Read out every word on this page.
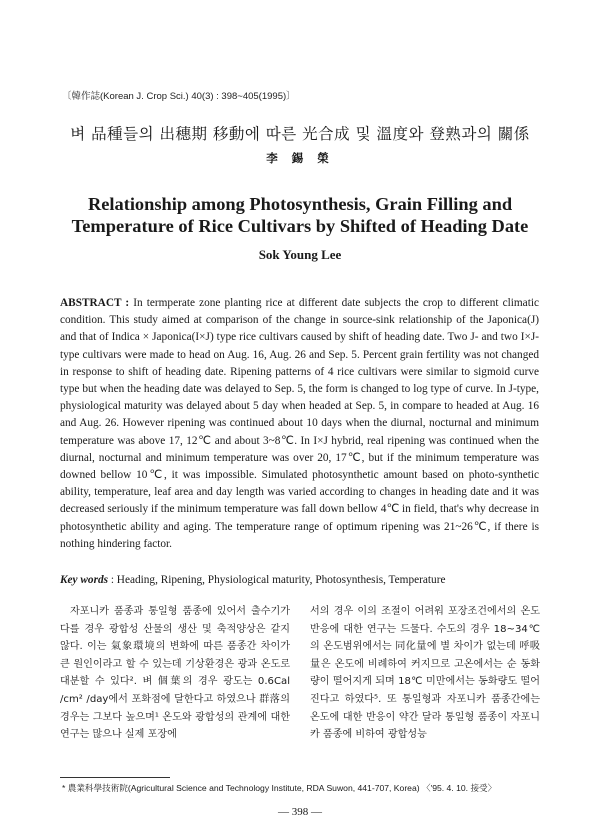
〔韓作誌(Korean J. Crop Sci.) 40(3) : 398~405(1995)〕
벼 品種들의 出穗期 移動에 따른 光合成 및 溫度와 登熟과의 關係
李 錫 榮
Relationship among Photosynthesis, Grain Filling and
Temperature of Rice Cultivars by Shifted of Heading Date
Sok Young Lee
ABSTRACT : In termperate zone planting rice at different date subjects the crop to different climatic condition. This study aimed at comparison of the change in source-sink relationship of the Japonica(J) and that of Indica × Japonica(I×J) type rice cultivars caused by shift of heading date. Two J- and two I×J-type cultivars were made to head on Aug. 16, Aug. 26 and Sep. 5. Percent grain fertility was not changed in response to shift of heading date. Ripening patterns of 4 rice cultivars were similar to sigmoid curve type but when the heading date was delayed to Sep. 5, the form is changed to log type of curve. In J-type, physiological maturity was delayed about 5 day when headed at Sep. 5, in compare to headed at Aug. 16 and Aug. 26. However ripening was continued about 10 days when the diurnal, nocturnal and minimum temperature was above 17, 12℃ and about 3~8℃. In I×J hybrid, real ripening was continued when the diurnal, nocturnal and minimum temperature was over 20, 17℃, but if the minimum temperature was downed bellow 10℃, it was impossible. Simulated photosynthetic amount based on photo-synthetic ability, temperature, leaf area and day length was varied according to changes in heading date and it was decreased seriously if the minimum temperature was fall down bellow 4℃ in field, that's why decrease in photosynthetic ability and aging. The temperature range of optimum ripening was 21~26℃, if there is nothing hindering factor.
Key words : Heading, Ripening, Physiological maturity, Photosynthesis, Temperature

자포니카 품종과 통일형 품종에 있어서 출수기가 다를 경우 광합성 산물의 생산 및 축적양상은 같지 않다. 이는 氣象環境의 변화에 따른 품종간 차이가 큰 원인이라고 할 수 있는데 기상환경은 광과 온도로 대분할 수 있다². 벼 個葉의 경우 광도는 0.6Cal /cm² /day에서 포화점에 달한다고 하였으나 群落의 경우는 그보다 높으며¹ 온도와 광합성의 관계에 대한 연구는 많으나 실제 포장에

서의 경우 이의 조절이 어려워 포장조건에서의 온도반응에 대한 연구는 드물다. 수도의 경우 18~34℃의 온도범위에서는 同化量에 별 차이가 없는데 呼吸量은 온도에 비례하여 커지므로 고온에서는 순 동화량이 떨어지게 되며 18℃ 미만에서는 동화량도 떨어진다고 하였다⁵. 또 통일형과 자포니카 품종간에는 온도에 대한 반응이 약간 달라 통일형 품종이 자포니카 품종에 비하여 광합성능

* 農業科學技術院(Agricultural Science and Technology Institute, RDA Suwon, 441-707, Korea) 〈'95. 4. 10. 接受〉
— 398 —
